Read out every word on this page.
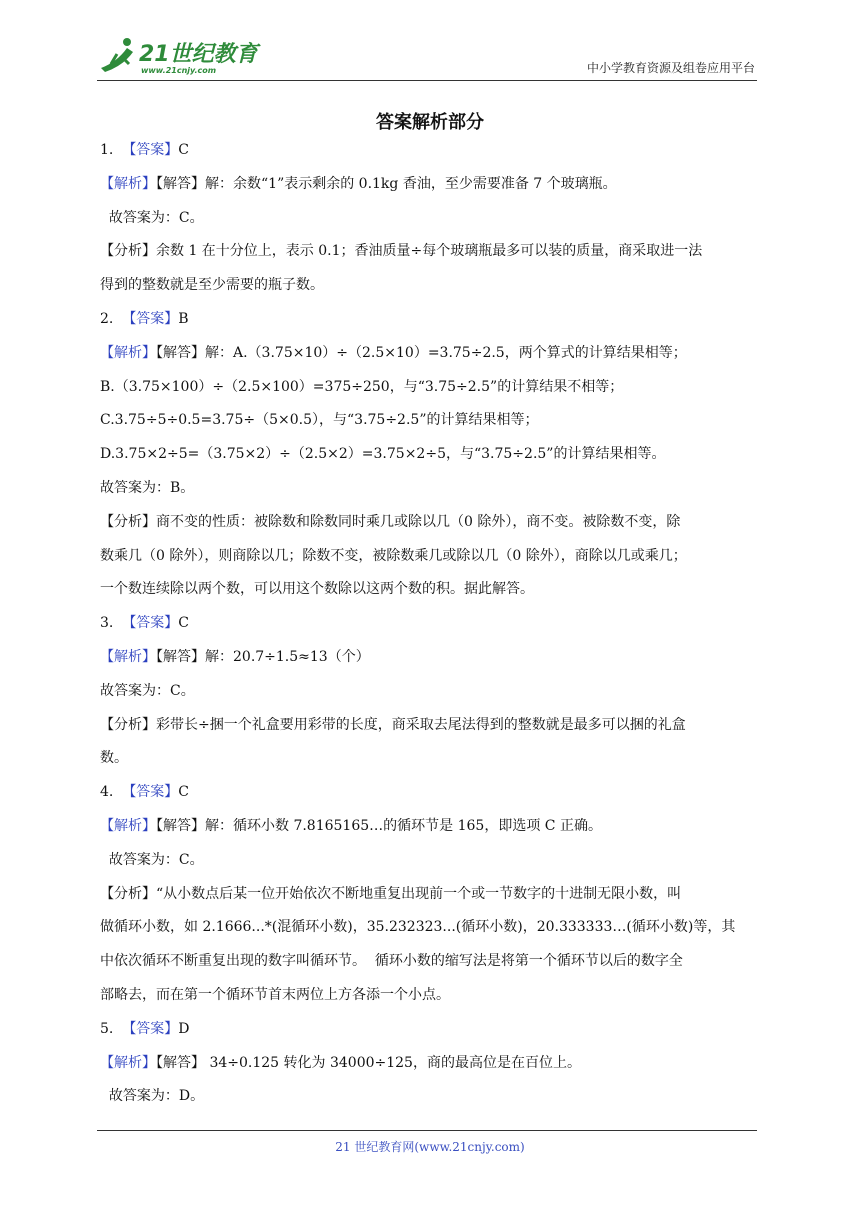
21世纪教育
www.21cnjy.com	中小学教育资源及组卷应用平台
答案解析部分
1. 【答案】C
【解析】【解答】解：余数“1”表示剩余的 0.1kg 香油，至少需要准备 7 个玻璃瓶。
故答案为：C。
【分析】余数 1 在十分位上，表示 0.1；香油质量÷每个玻璃瓶最多可以装的质量，商采取进一法
得到的整数就是至少需要的瓶子数。
2. 【答案】B
【解析】【解答】解：A.（3.75×10）÷（2.5×10）=3.75÷2.5，两个算式的计算结果相等；
B.（3.75×100）÷（2.5×100）=375÷250，与“3.75÷2.5”的计算结果不相等；
C.3.75÷5÷0.5=3.75÷（5×0.5），与“3.75÷2.5”的计算结果相等；
D.3.75×2÷5=（3.75×2）÷（2.5×2）=3.75×2÷5，与“3.75÷2.5”的计算结果相等。
故答案为：B。
【分析】商不变的性质：被除数和除数同时乘几或除以几（0 除外），商不变。被除数不变，除
数乘几（0 除外），则商除以几；除数不变，被除数乘几或除以几（0 除外），商除以几或乘几；
一个数连续除以两个数，可以用这个数除以这两个数的积。据此解答。
3. 【答案】C
【解析】【解答】解：20.7÷1.5≈13（个）
故答案为：C。
【分析】彩带长÷捆一个礼盒要用彩带的长度，商采取去尾法得到的整数就是最多可以捆的礼盒
数。
4. 【答案】C
【解析】【解答】解：循环小数 7.8165165…的循环节是 165，即选项 C 正确。
故答案为：C。
【分析】“从小数点后某一位开始依次不断地重复出现前一个或一节数字的十进制无限小数，叫
做循环小数，如 2.1666...*(混循环小数)，35.232323...(循环小数)，20.333333…(循环小数)等，其
中依次循环不断重复出现的数字叫循环节。  循环小数的缩写法是将第一个循环节以后的数字全
部略去，而在第一个循环节首末两位上方各添一个小点。
5. 【答案】D
【解析】【解答】 34÷0.125 转化为 34000÷125，商的最高位是在百位上。
故答案为：D。
21 世纪教育网(www.21cnjy.com)
